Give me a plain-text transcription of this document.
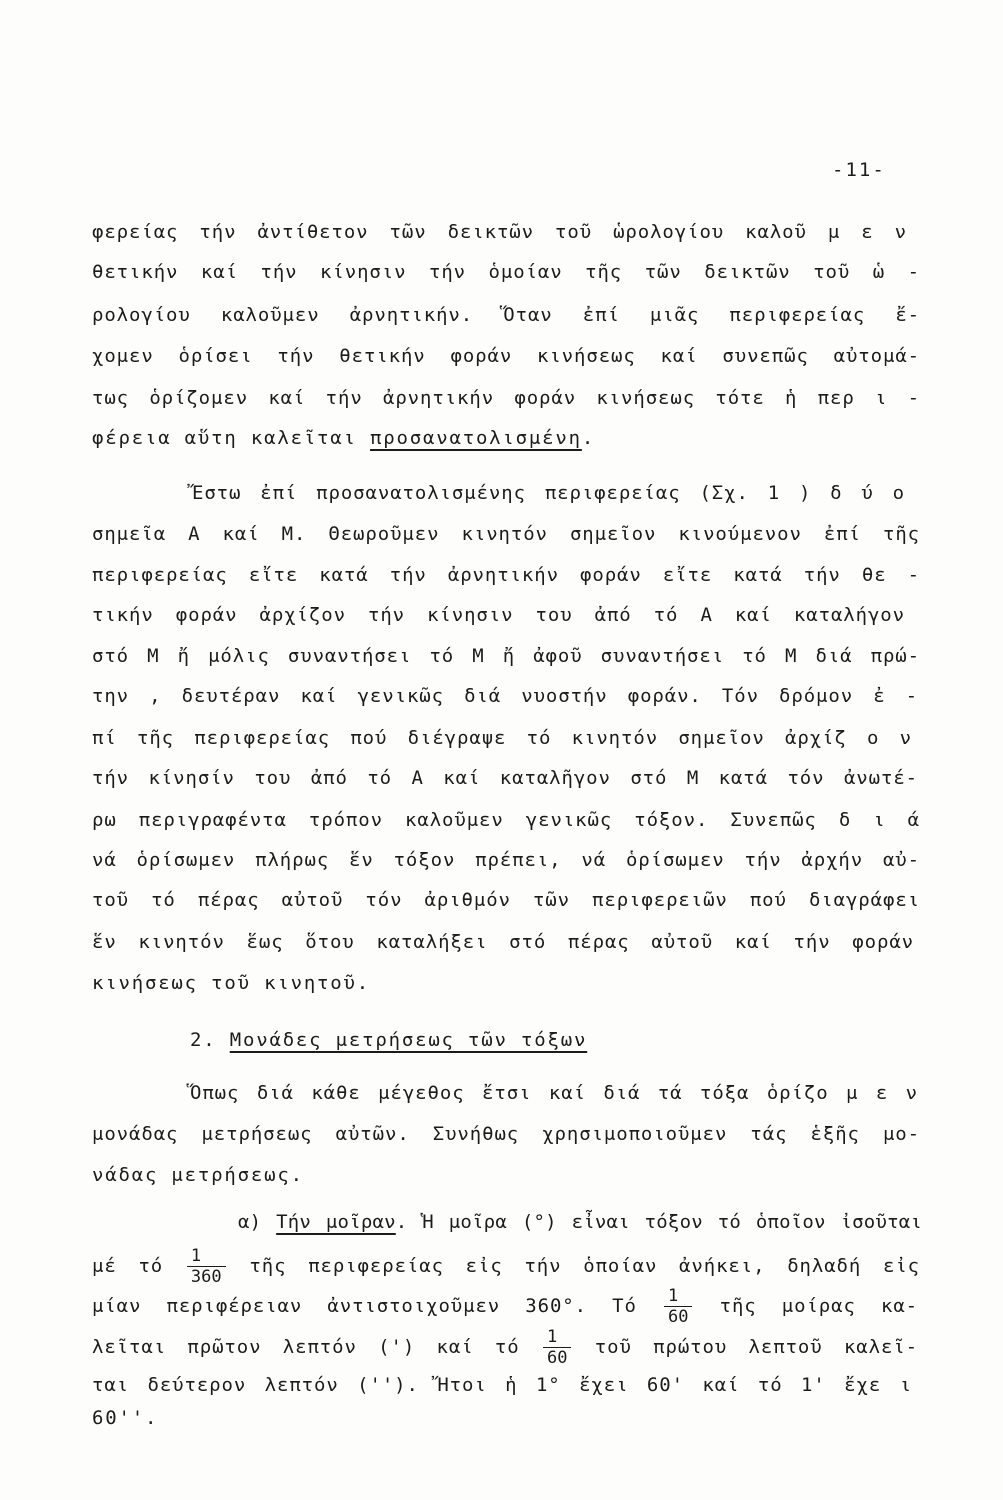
-11-
φερείας τήν ἀντίθετον τῶν δεικτῶν τοῦ ὡρολογίου καλοῦ μ ε ν
θετικήν καί τήν κίνησιν τήν ὁμοίαν τῆς τῶν δεικτῶν τοῦ ὡ -
ρολογίου καλοῦμεν ἀρνητικήν. Ὅταν ἐπί μιᾶς περιφερείας ἔ-
χομεν ὁρίσει τήν θετικήν φοράν κινήσεως καί συνεπῶς αὐτομά-
τως ὁρίζομεν καί τήν ἀρνητικήν φοράν κινήσεως τότε ἡ περ ι -
φέρεια αὕτη καλεῖται προσανατολισμένη.
Ἔστω ἐπί προσανατολισμένης περιφερείας (Σχ. 1 ) δ ύ ο
σημεῖα Α καί Μ. Θεωροῦμεν κινητόν σημεῖον κινούμενον ἐπί τῆς
περιφερείας εἴτε κατά τήν ἀρνητικήν φοράν εἴτε κατά τήν θε -
τικήν φοράν ἀρχίζον τήν κίνησιν του ἀπό τό Α καί καταλήγον
στό Μ ἤ μόλις συναντήσει τό Μ ἤ ἀφοῦ συναντήσει τό Μ διά πρώ-
την , δευτέραν καί γενικῶς διά νυοστήν φοράν. Τόν δρόμον ἐ -
πί τῆς περιφερείας πού διέγραψε τό κινητόν σημεῖον ἀρχίζ ο ν
τήν κίνησίν του ἀπό τό Α καί καταλῆγον στό Μ κατά τόν ἀνωτέ-
ρω περιγραφέντα τρόπον καλοῦμεν γενικῶς τόξον. Συνεπῶς δ ι ά
νά ὁρίσωμεν πλήρως ἕν τόξον πρέπει, νά ὁρίσωμεν τήν ἀρχήν αὐ-
τοῦ τό πέρας αὐτοῦ τόν ἀριθμόν τῶν περιφερειῶν πού διαγράφει
ἕν κινητόν ἕως ὅτου καταλήξει στό πέρας αὐτοῦ καί τήν φοράν
κινήσεως τοῦ κινητοῦ.
2. Μονάδες μετρήσεως τῶν τόξων
Ὅπως διά κάθε μέγεθος ἔτσι καί διά τά τόξα ὁρίζο μ ε ν
μονάδας μετρήσεως αὐτῶν. Συνήθως χρησιμοποιοῦμεν τάς ἑξῆς μο-
νάδας μετρήσεως.
α) Τήν μοῖραν. Ἡ μοῖρα (°) εἶναι τόξον τό ὁποῖον ἰσοῦται
μέ τό $\frac{1}{360}$ τῆς περιφερείας εἰς τήν ὁποίαν ἀνήκει, δηλαδή εἰς
μίαν περιφέρειαν ἀντιστοιχοῦμεν 360°. Τό $\frac{1}{60}$ τῆς μοίρας κα-
λεῖται πρῶτον λεπτόν (') καί τό $\frac{1}{60}$ τοῦ πρώτου λεπτοῦ καλεῖ-
ται δεύτερον λεπτόν (''). Ἤτοι ἡ 1° ἔχει 60' καί τό 1' ἔχε ι
60''.
